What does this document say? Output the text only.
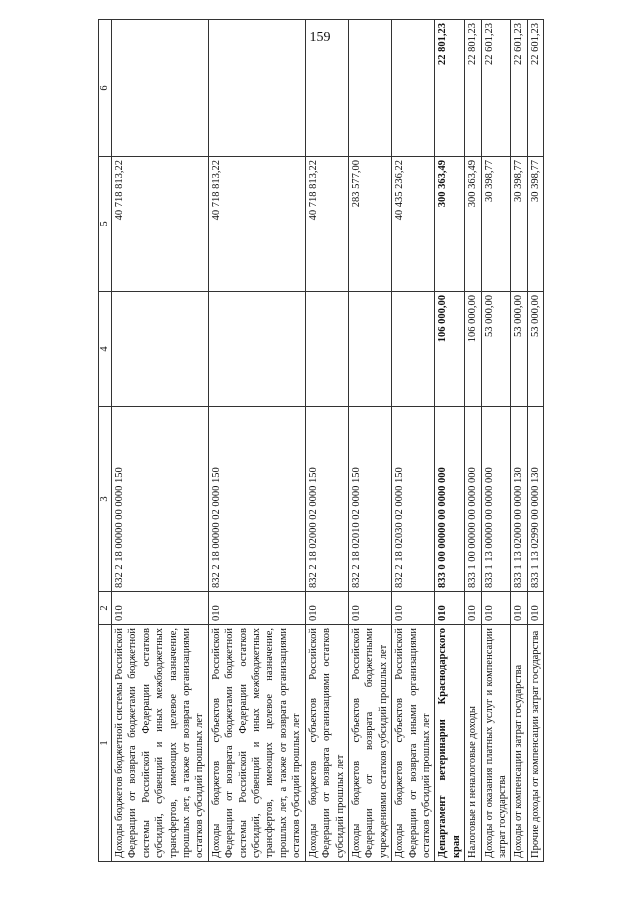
159
1	2	3	4	5	6
Доходы бюджетов бюджетной системы Российской Федерации от возврата бюджетами бюджетной системы Российской Федерации остатков субсидий, субвенций и иных межбюджетных трансфертов, имеющих целевое назначение, прошлых лет, а также от возврата организациями остатков субсидий прошлых лет	010	832 2 18 00000 00 0000 150		40 718 813,22	
Доходы бюджетов субъектов Российской Федерации от возврата бюджетами бюджетной системы Российской Федерации остатков субсидий, субвенций и иных межбюджетных трансфертов, имеющих целевое назначение, прошлых лет, а также от возврата организациями остатков субсидий прошлых лет	010	832 2 18 00000 02 0000 150		40 718 813,22	
Доходы бюджетов субъектов Российской Федерации от возврата организациями остатков субсидий прошлых лет	010	832 2 18 02000 02 0000 150		40 718 813,22	
Доходы бюджетов субъектов Российской Федерации от возврата бюджетными учреждениями остатков субсидий прошлых лет	010	832 2 18 02010 02 0000 150		283 577,00	
Доходы бюджетов субъектов Российской Федерации от возврата иными организациями остатков субсидий прошлых лет	010	832 2 18 02030 02 0000 150		40 435 236,22	
Департамент ветеринарии Краснодарского края	010	833 0 00 00000 00 0000 000	106 000,00	300 363,49	22 801,23
Налоговые и неналоговые доходы	010	833 1 00 00000 00 0000 000	106 000,00	300 363,49	22 801,23
Доходы от оказания платных услуг и компенсации затрат государства	010	833 1 13 00000 00 0000 000	53 000,00	30 398,77	22 601,23
Доходы от компенсации затрат государства	010	833 1 13 02000 00 0000 130	53 000,00	30 398,77	22 601,23
Прочие доходы от компенсации затрат государства	010	833 1 13 02990 00 0000 130	53 000,00	30 398,77	22 601,23
